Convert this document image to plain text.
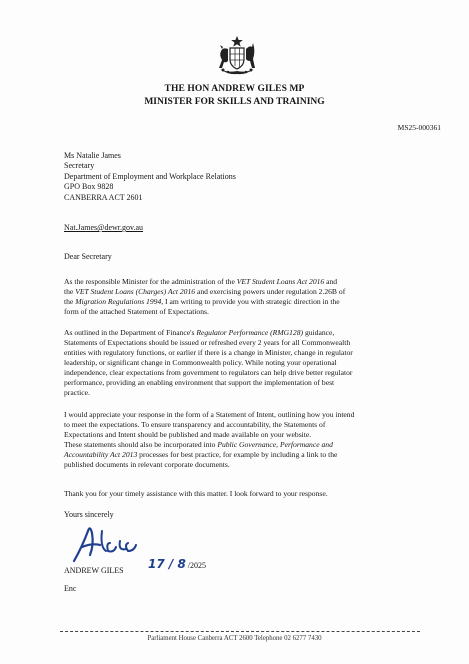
THE HON ANDREW GILES MP
MINISTER FOR SKILLS AND TRAINING
MS25-000361
Ms Natalie James
Secretary
Department of Employment and Workplace Relations
GPO Box 9828
CANBERRA ACT 2601
Nat.James@dewr.gov.au
Dear Secretary
As the responsible Minister for the administration of the VET Student Loans Act 2016 and
the VET Student Loans (Charges) Act 2016 and exercising powers under regulation 2.26B of
the Migration Regulations 1994, I am writing to provide you with strategic direction in the
form of the attached Statement of Expectations.
As outlined in the Department of Finance's Regulator Performance (RMG128) guidance,
Statements of Expectations should be issued or refreshed every 2 years for all Commonwealth
entities with regulatory functions, or earlier if there is a change in Minister, change in regulator
leadership, or significant change in Commonwealth policy. While noting your operational
independence, clear expectations from government to regulators can help drive better regulator
performance, providing an enabling environment that support the implementation of best
practice.
I would appreciate your response in the form of a Statement of Intent, outlining how you intend
to meet the expectations. To ensure transparency and accountability, the Statements of
Expectations and Intent should be published and made available on your website.
These statements should also be incorporated into Public Governance, Performance and
Accountability Act 2013 processes for best practice, for example by including a link to the
published documents in relevant corporate documents.
Thank you for your timely assistance with this matter. I look forward to your response.
Yours sincerely
ANDREW GILES 17 / 8 /2025
Enc
Parliament House Canberra ACT 2600 Telephone 02 6277 7430
